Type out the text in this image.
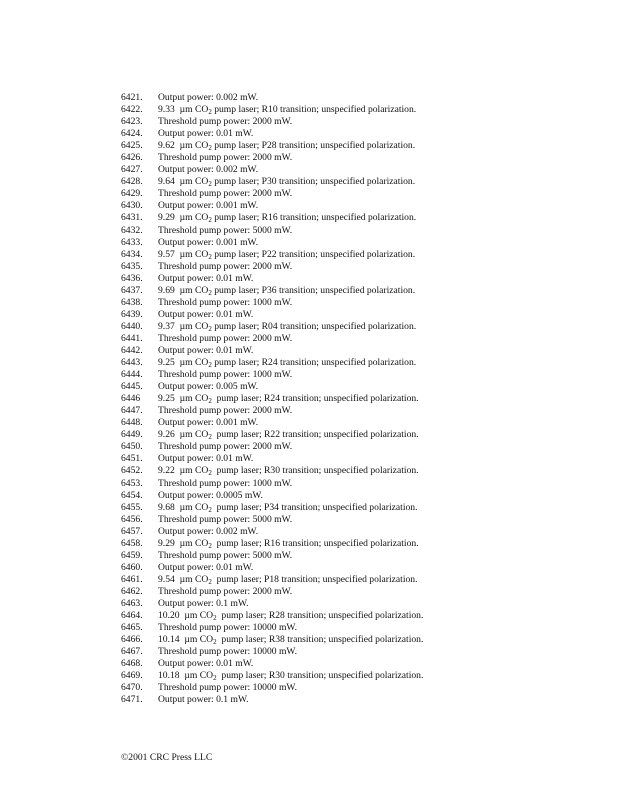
6421.	Output power: 0.002 mW.
6422.	9.33  µm $CO_2$ pump laser; R10 transition; unspecified polarization.
6423.	Threshold pump power: 2000 mW.
6424.	Output power: 0.01 mW.
6425.	9.62  µm $CO_2$ pump laser; P28 transition; unspecified polarization.
6426.	Threshold pump power: 2000 mW.
6427.	Output power: 0.002 mW.
6428.	9.64  µm $CO_2$ pump laser; P30 transition; unspecified polarization.
6429.	Threshold pump power: 2000 mW.
6430.	Output power: 0.001 mW.
6431.	9.29  µm $CO_2$ pump laser; R16 transition; unspecified polarization.
6432.	Threshold pump power: 5000 mW.
6433.	Output power: 0.001 mW.
6434.	9.57  µm $CO_2$ pump laser; P22 transition; unspecified polarization.
6435.	Threshold pump power: 2000 mW.
6436.	Output power: 0.01 mW.
6437.	9.69  µm $CO_2$ pump laser; P36 transition; unspecified polarization.
6438.	Threshold pump power: 1000 mW.
6439.	Output power: 0.01 mW.
6440.	9.37  µm $CO_2$ pump laser; R04 transition; unspecified polarization.
6441.	Threshold pump power: 2000 mW.
6442.	Output power: 0.01 mW.
6443.	9.25  µm $CO_2$ pump laser; R24 transition; unspecified polarization.
6444.	Threshold pump power: 1000 mW.
6445.	Output power: 0.005 mW.
6446	9.25  µm $CO_2$  pump laser; R24 transition; unspecified polarization.
6447.	Threshold pump power: 2000 mW.
6448.	Output power: 0.001 mW.
6449.	9.26  µm $CO_2$  pump laser; R22 transition; unspecified polarization.
6450.	Threshold pump power: 2000 mW.
6451.	Output power: 0.01 mW.
6452.	9.22  µm $CO_2$  pump laser; R30 transition; unspecified polarization.
6453.	Threshold pump power: 1000 mW.
6454.	Output power: 0.0005 mW.
6455.	9.68  µm $CO_2$  pump laser; P34 transition; unspecified polarization.
6456.	Threshold pump power: 5000 mW.
6457.	Output power: 0.002 mW.
6458.	9.29  µm $CO_2$  pump laser; R16 transition; unspecified polarization.
6459.	Threshold pump power: 5000 mW.
6460.	Output power: 0.01 mW.
6461.	9.54  µm $CO_2$  pump laser; P18 transition; unspecified polarization.
6462.	Threshold pump power: 2000 mW.
6463.	Output power: 0.1 mW.
6464.	10.20  µm $CO_2$  pump laser; R28 transition; unspecified polarization.
6465.	Threshold pump power: 10000 mW.
6466.	10.14  µm $CO_2$  pump laser; R38 transition; unspecified polarization.
6467.	Threshold pump power: 10000 mW.
6468.	Output power: 0.01 mW.
6469.	10.18  µm $CO_2$  pump laser; R30 transition; unspecified polarization.
6470.	Threshold pump power: 10000 mW.
6471.	Output power: 0.1 mW.
©2001 CRC Press LLC
